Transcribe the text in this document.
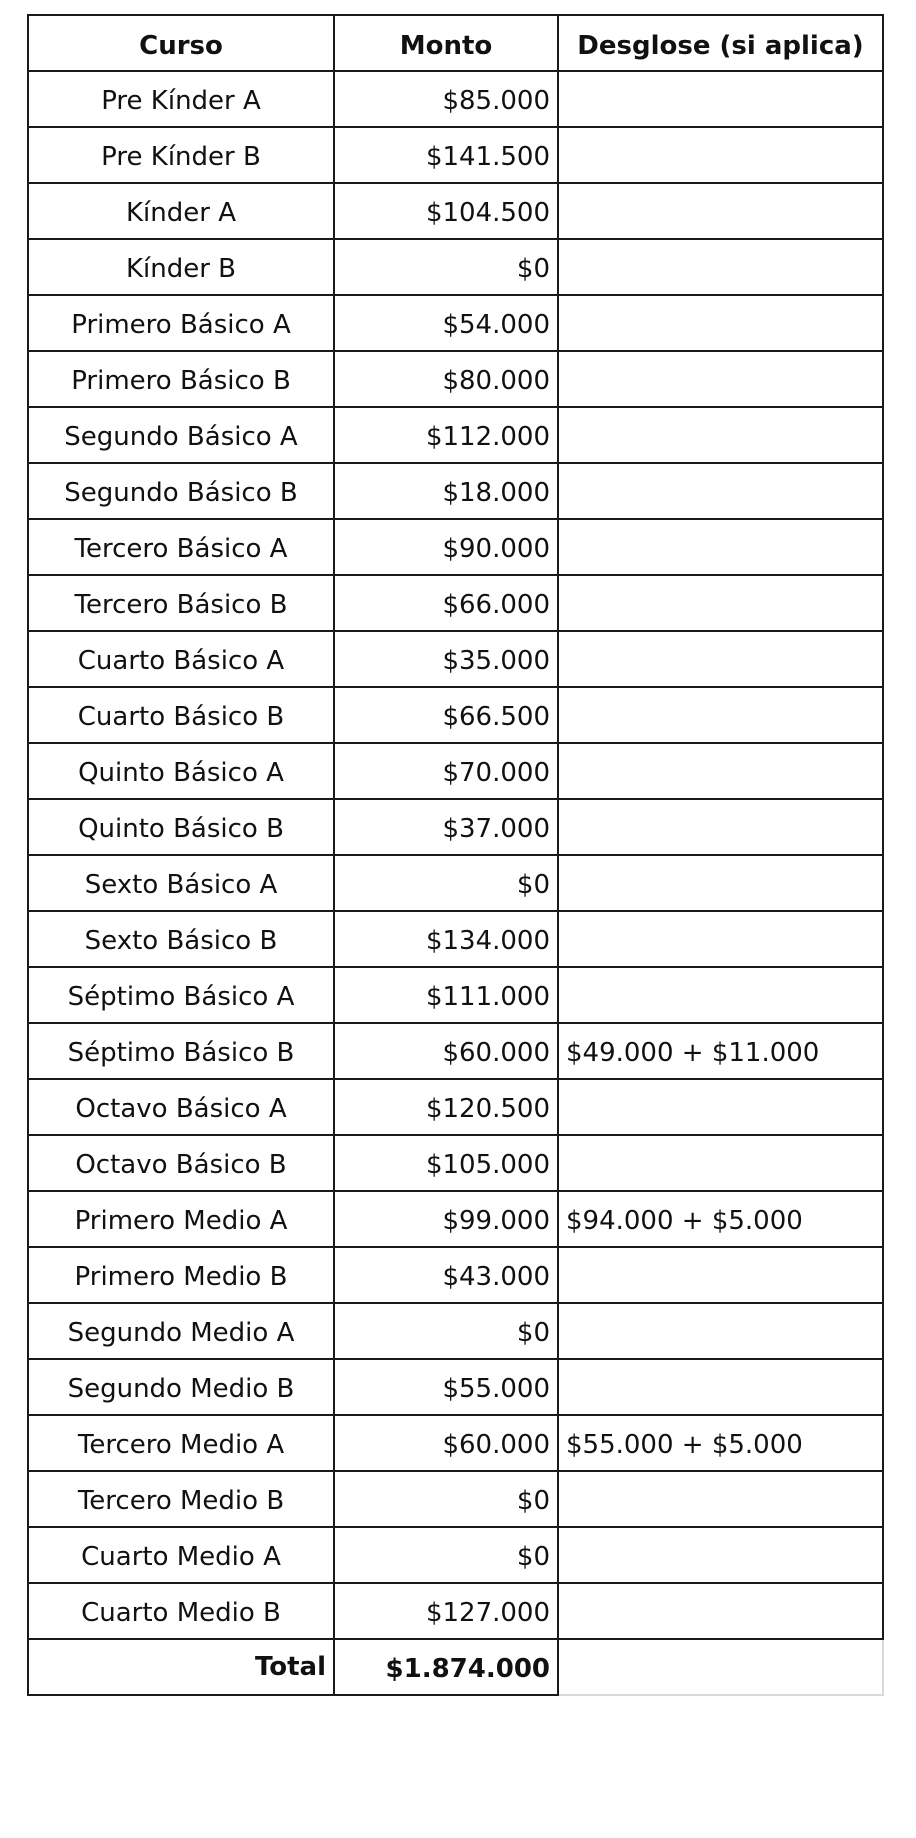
Curso	Monto	Desglose (si aplica)
Pre Kínder A	$85.000	
Pre Kínder B	$141.500	
Kínder A	$104.500	
Kínder B	$0	
Primero Básico A	$54.000	
Primero Básico B	$80.000	
Segundo Básico A	$112.000	
Segundo Básico B	$18.000	
Tercero Básico A	$90.000	
Tercero Básico B	$66.000	
Cuarto Básico A	$35.000	
Cuarto Básico B	$66.500	
Quinto Básico A	$70.000	
Quinto Básico B	$37.000	
Sexto Básico A	$0	
Sexto Básico B	$134.000	
Séptimo Básico A	$111.000	
Séptimo Básico B	$60.000	$49.000 + $11.000
Octavo Básico A	$120.500	
Octavo Básico B	$105.000	
Primero Medio A	$99.000	$94.000 + $5.000
Primero Medio B	$43.000	
Segundo Medio A	$0	
Segundo Medio B	$55.000	
Tercero Medio A	$60.000	$55.000 + $5.000
Tercero Medio B	$0	
Cuarto Medio A	$0	
Cuarto Medio B	$127.000	
Total	$1.874.000	
